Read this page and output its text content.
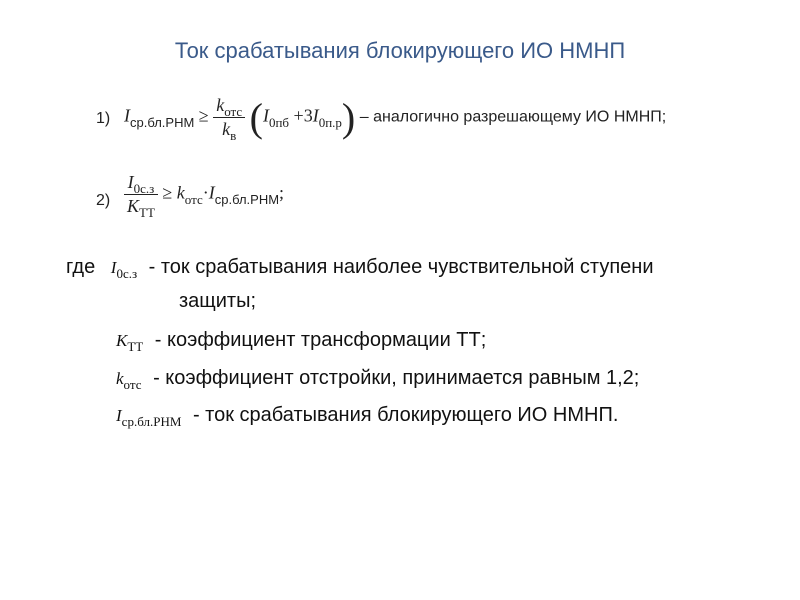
Ток срабатывания блокирующего ИО НМНП
1) $I_{ср.бл.РНМ} \ge \frac{k_{отс}}{k_в} (I_{0пб} +3I_{0п.р})$ – аналогично разрешающему ИО НМНП;
$2) \frac{I_{0с.з}}{K_{ТТ}} \ge k_{отс}\cdot I_{ср.бл.РНМ}$;
где $I_{0с.з}$ - ток срабатывания наиболее чувствительной ступени
защиты;
$K_{ТТ}$ - коэффициент трансформации ТТ;
$k_{отс}$ - коэффициент отстройки, принимается равным 1,2;
$I_{ср.бл.РНМ}$ - ток срабатывания блокирующего ИО НМНП.
